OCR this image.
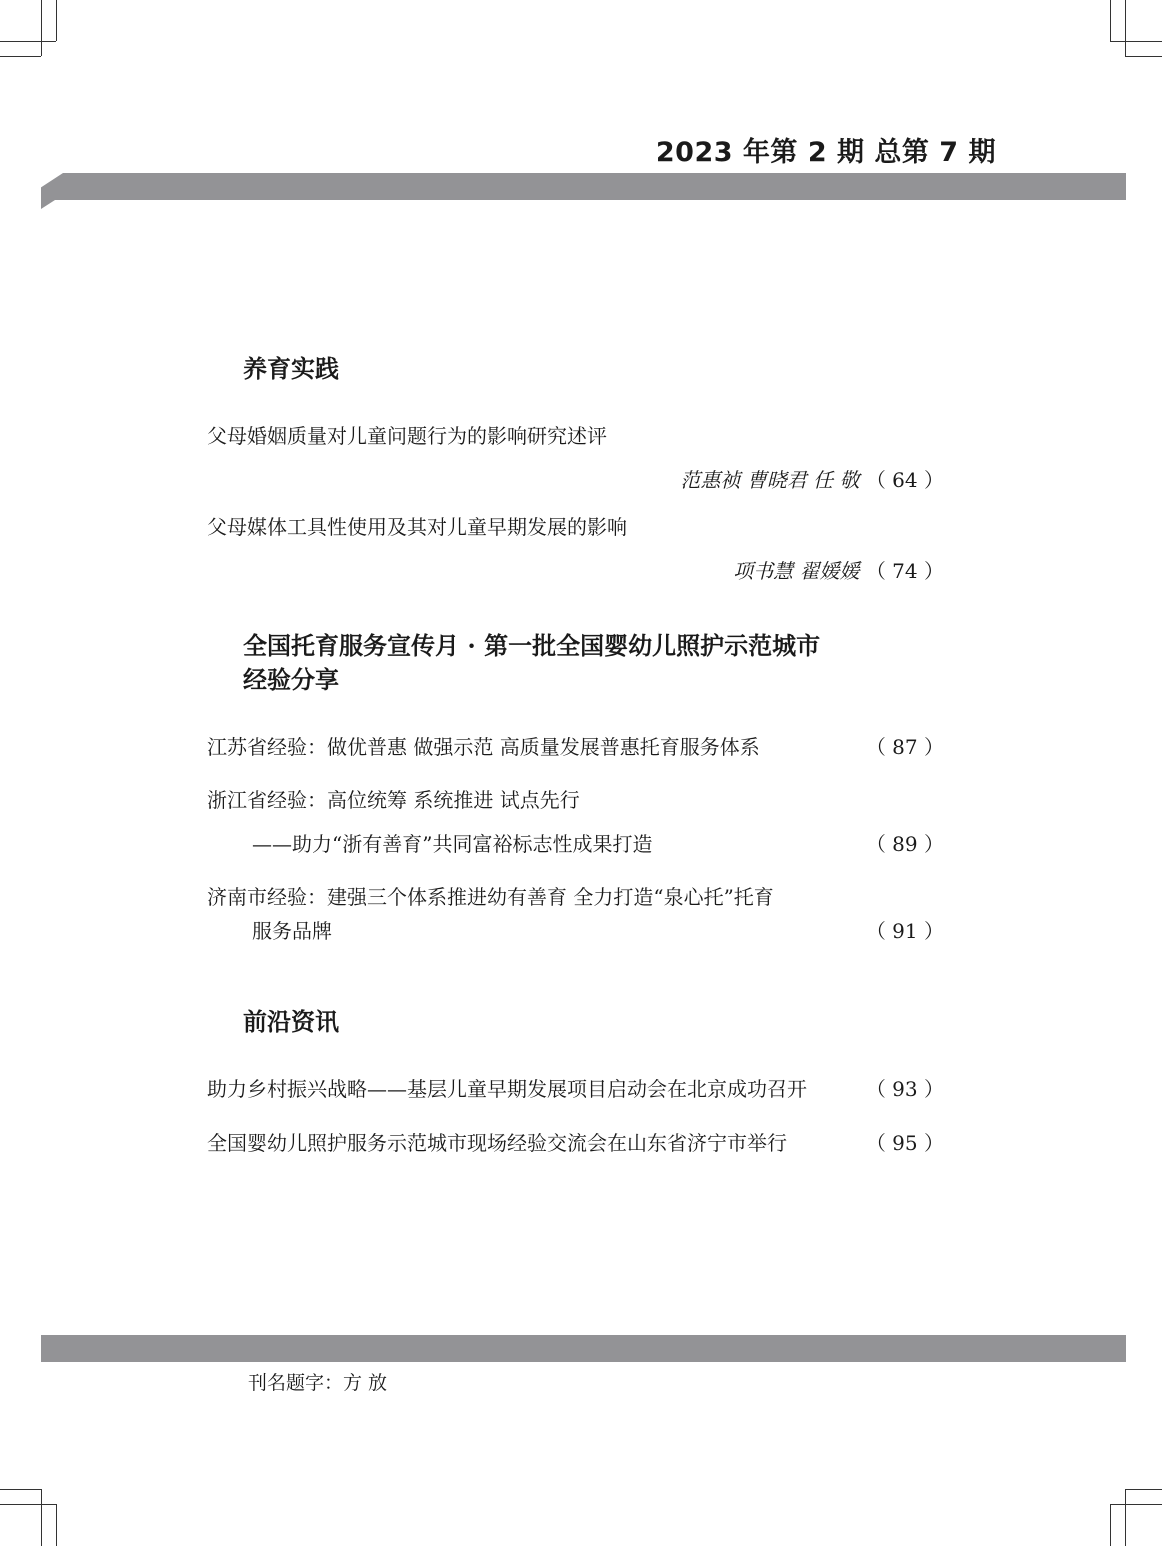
2023 年第 2 期 总第 7 期
养育实践
父母婚姻质量对儿童问题行为的影响研究述评
范惠祯 曹晓君 任 敬 （ 64 ）
父母媒体工具性使用及其对儿童早期发展的影响
项书慧 翟媛媛 （ 74 ）
全国托育服务宣传月 · 第一批全国婴幼儿照护示范城市
经验分享
江苏省经验：做优普惠 做强示范 高质量发展普惠托育服务体系	（ 87 ）
浙江省经验：高位统筹 系统推进 试点先行
——助力“浙有善育”共同富裕标志性成果打造	（ 89 ）
济南市经验：建强三个体系推进幼有善育 全力打造“泉心托”托育
服务品牌	（ 91 ）
前沿资讯
助力乡村振兴战略——基层儿童早期发展项目启动会在北京成功召开	（ 93 ）
全国婴幼儿照护服务示范城市现场经验交流会在山东省济宁市举行	（ 95 ）
刊名题字：方 放
